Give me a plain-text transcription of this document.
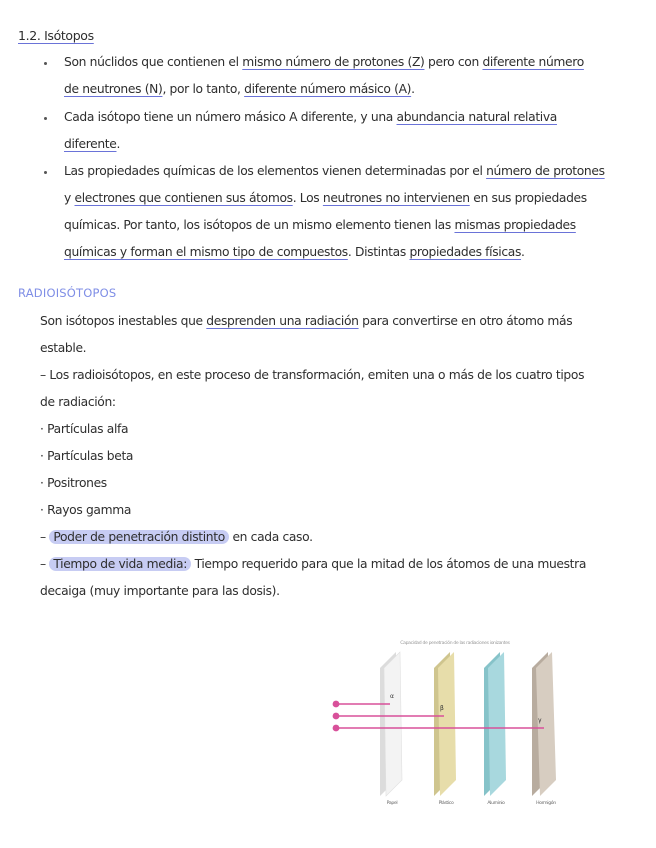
1.2. Isótopos
Son núclidos que contienen el mismo número de protones (Z) pero con diferente número
de neutrones (N), por lo tanto, diferente número másico (A).
Cada isótopo tiene un número másico A diferente, y una abundancia natural relativa
diferente.
Las propiedades químicas de los elementos vienen determinadas por el número de protones
y electrones que contienen sus átomos. Los neutrones no intervienen en sus propiedades
químicas. Por tanto, los isótopos de un mismo elemento tienen las mismas propiedades
químicas y forman el mismo tipo de compuestos. Distintas propiedades físicas.
RADIOISÓTOPOS
Son isótopos inestables que desprenden una radiación para convertirse en otro átomo más
estable.
– Los radioisótopos, en este proceso de transformación, emiten una o más de los cuatro tipos
de radiación:
· Partículas alfa
· Partículas beta
· Positrones
· Rayos gamma
– Poder de penetración distinto en cada caso.
– Tiempo de vida media: Tiempo requerido para que la mitad de los átomos de una muestra
decaiga (muy importante para las dosis).
Capacidad de penetración de las radiaciones ionizantes
α
β
γ
Papel	Plástico	Aluminio	Hormigón
